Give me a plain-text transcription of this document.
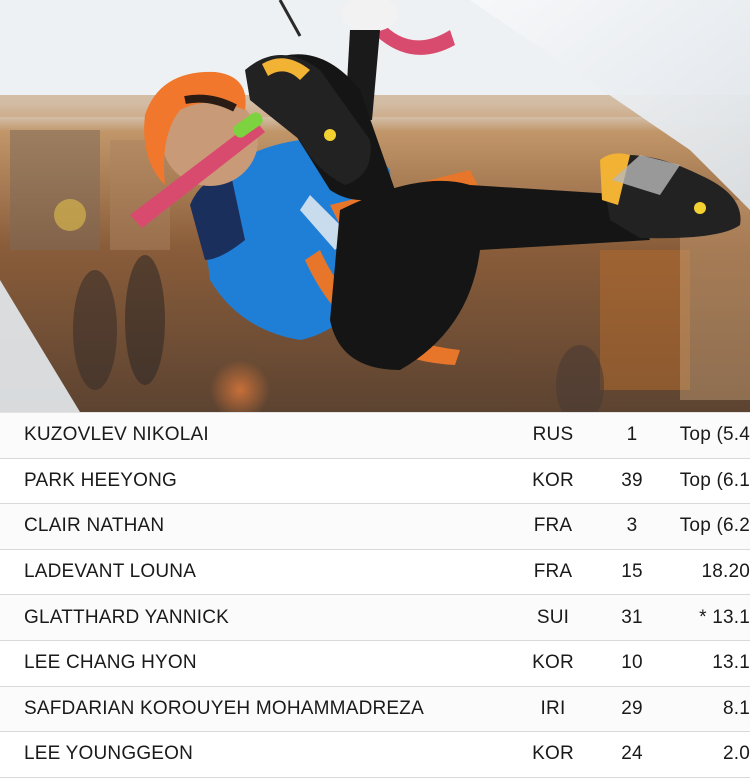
KUZOVLEV NIKOLAI	RUS	1	Top (5.4
PARK HEEYONG	KOR	39	Top (6.1
CLAIR NATHAN	FRA	3	Top (6.2
LADEVANT LOUNA	FRA	15	18.20
GLATTHARD YANNICK	SUI	31	* 13.1
LEE CHANG HYON	KOR	10	13.1
SAFDARIAN KOROUYEH MOHAMMADREZA	IRI	29	8.1
LEE YOUNGGEON	KOR	24	2.0
